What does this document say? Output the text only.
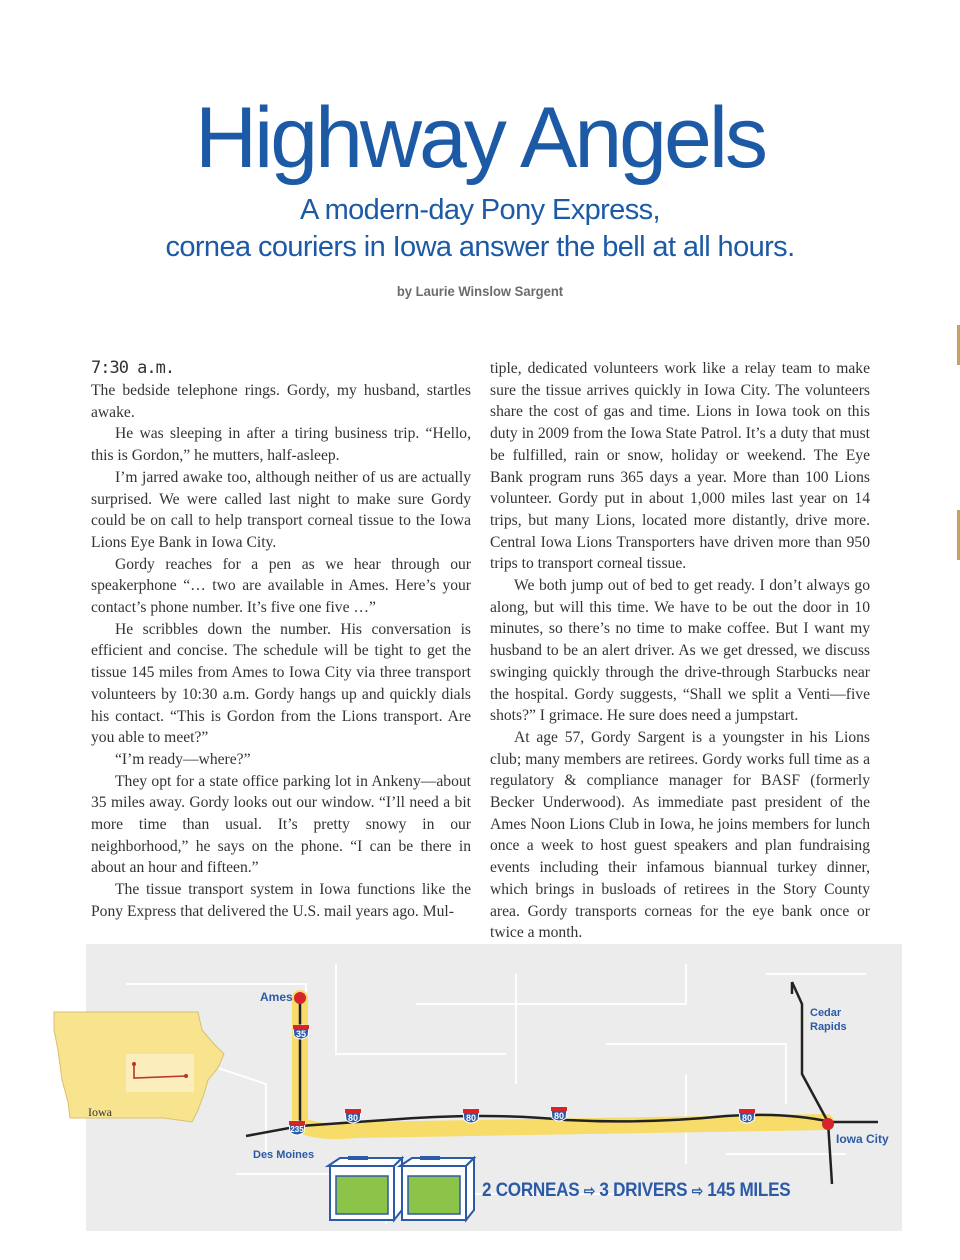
Highway Angels
A modern-day Pony Express,
cornea couriers in Iowa answer the bell at all hours.
by Laurie Winslow Sargent
7:30 a.m.

The bedside telephone rings. Gordy, my husband, startles awake.

He was sleeping in after a tiring business trip. “Hello, this is Gordon,” he mutters, half-asleep.

I’m jarred awake too, although neither of us are actually surprised. We were called last night to make sure Gordy could be on call to help transport corneal tissue to the Iowa Lions Eye Bank in Iowa City.

Gordy reaches for a pen as we hear through our speakerphone “… two are available in Ames. Here’s your contact’s phone number. It’s five one five …”

He scribbles down the number. His conversation is efficient and concise. The schedule will be tight to get the tissue 145 miles from Ames to Iowa City via three transport volunteers by 10:30 a.m. Gordy hangs up and quickly dials his contact. “This is Gordon from the Lions transport. Are you able to meet?”

“I’m ready—where?”

They opt for a state office parking lot in Ankeny—about 35 miles away. Gordy looks out our window. “I’ll need a bit more time than usual. It’s pretty snowy in our neighborhood,” he says on the phone. “I can be there in about an hour and fifteen.”

The tissue transport system in Iowa functions like the Pony Express that delivered the U.S. mail years ago. Mul-

tiple, dedicated volunteers work like a relay team to make sure the tissue arrives quickly in Iowa City. The volunteers share the cost of gas and time. Lions in Iowa took on this duty in 2009 from the Iowa State Patrol. It’s a duty that must be fulfilled, rain or snow, holiday or weekend. The Eye Bank program runs 365 days a year. More than 100 Lions volunteer. Gordy put in about 1,000 miles last year on 14 trips, but many Lions, located more distantly, drive more. Central Iowa Lions Transporters have driven more than 950 trips to transport corneal tissue.

We both jump out of bed to get ready. I don’t always go along, but will this time. We have to be out the door in 10 minutes, so there’s no time to make coffee. But I want my husband to be an alert driver. As we get dressed, we discuss swinging quickly through the drive-through Starbucks near the hospital. Gordy suggests, “Shall we split a Venti—five shots?” I grimace. He sure does need a jumpstart.

At age 57, Gordy Sargent is a youngster in his Lions club; many members are retirees. Gordy works full time as a regulatory & compliance manager for BASF (formerly Becker Underwood). As immediate past president of the Ames Noon Lions Club in Iowa, he joins members for lunch once a week to host guest speakers and plan fundraising events including their infamous biannual turkey dinner, which brings in busloads of retirees in the Story County area. Gordy transports corneas for the eye bank once or twice a month.

Iowa
Ames
Des Moines
Cedar
Rapids
Iowa City
35
235
80	80	80	80
2 CORNEAS ⇨ 3 DRIVERS ⇨ 145 MILES
